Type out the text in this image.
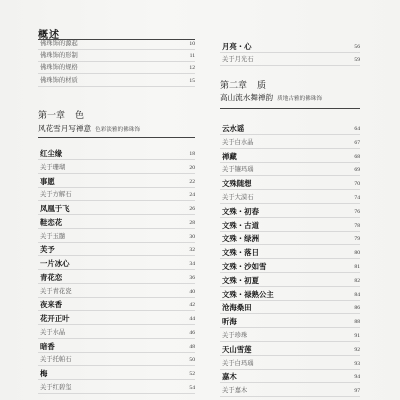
概述
佛珠饰的源起	10
佛珠饰的形制	11
佛珠饰的规格	12
佛珠饰的材质	15
第一章 色
风花雪月写禅意 色彩淡雅的佛珠饰
红尘缘	18
关于珊瑚	20
事愿	22
关于方解石	24
凤凰于飞	26
鞋恋花	28
关于玉髓	30
芙予	32
一片冰心	34
青花恋	36
关于青花瓷	40
夜来香	42
花开正叶	44
关于水晶	46
暗香	48
关于托帕石	50
梅	52
关于红碧玺	54
月亮・心	56
关于月光石	59
第二章 质
高山流水舞禅韵 质地古雅的佛珠饰
云水谣	64
关于白水晶	67
禅藏	68
关于镶玛瑙	69
文殊随想	70
关于大漠石	74
文殊・初春	76
文殊・古道	78
文殊・绿洲	79
文殊・落日	80
文殊・沙如雪	81
文殊・初夏	82
文殊・禄熟公主	84
沧海桑田	86
听海	88
关于珍珠	91
天山雪莲	92
关于白玛瑙	93
嘉木	94
关于嘉木	97
